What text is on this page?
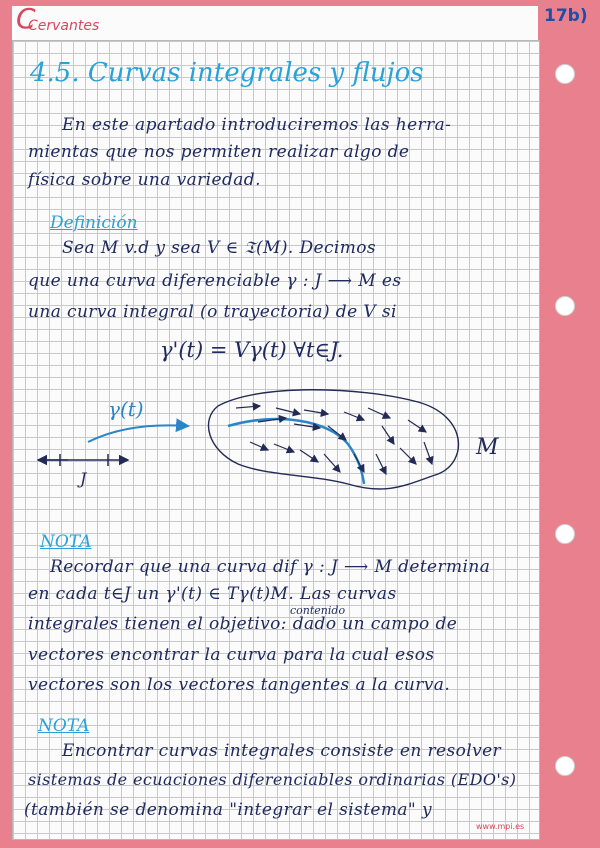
C
Cervantes	17b)
4.5. Curvas integrales y flujos
En este apartado introduciremos las herra-
mientas que nos permiten realizar algo de
física sobre una variedad.
Definición
Sea M v.d y sea V ∈ 𝔗(M). Decimos
que una curva diferenciable γ : J ⟶ M es
una curva integral (o trayectoria) de V si
γ'(t) = Vγ(t) ∀t∈J.
γ(t)
J
M
NOTA
Recordar que una curva dif γ : J ⟶ M determina
en cada t∈J un γ'(t) ∈ Tγ(t)M. Las curvas
contenido
integrales tienen el objetivo: dado un campo de
vectores encontrar la curva para la cual esos
vectores son los vectores tangentes a la curva.
NOTA
Encontrar curvas integrales consiste en resolver
sistemas de ecuaciones diferenciables ordinarias (EDO's)
(también se denomina "integrar el sistema" y
www.mpi.es
